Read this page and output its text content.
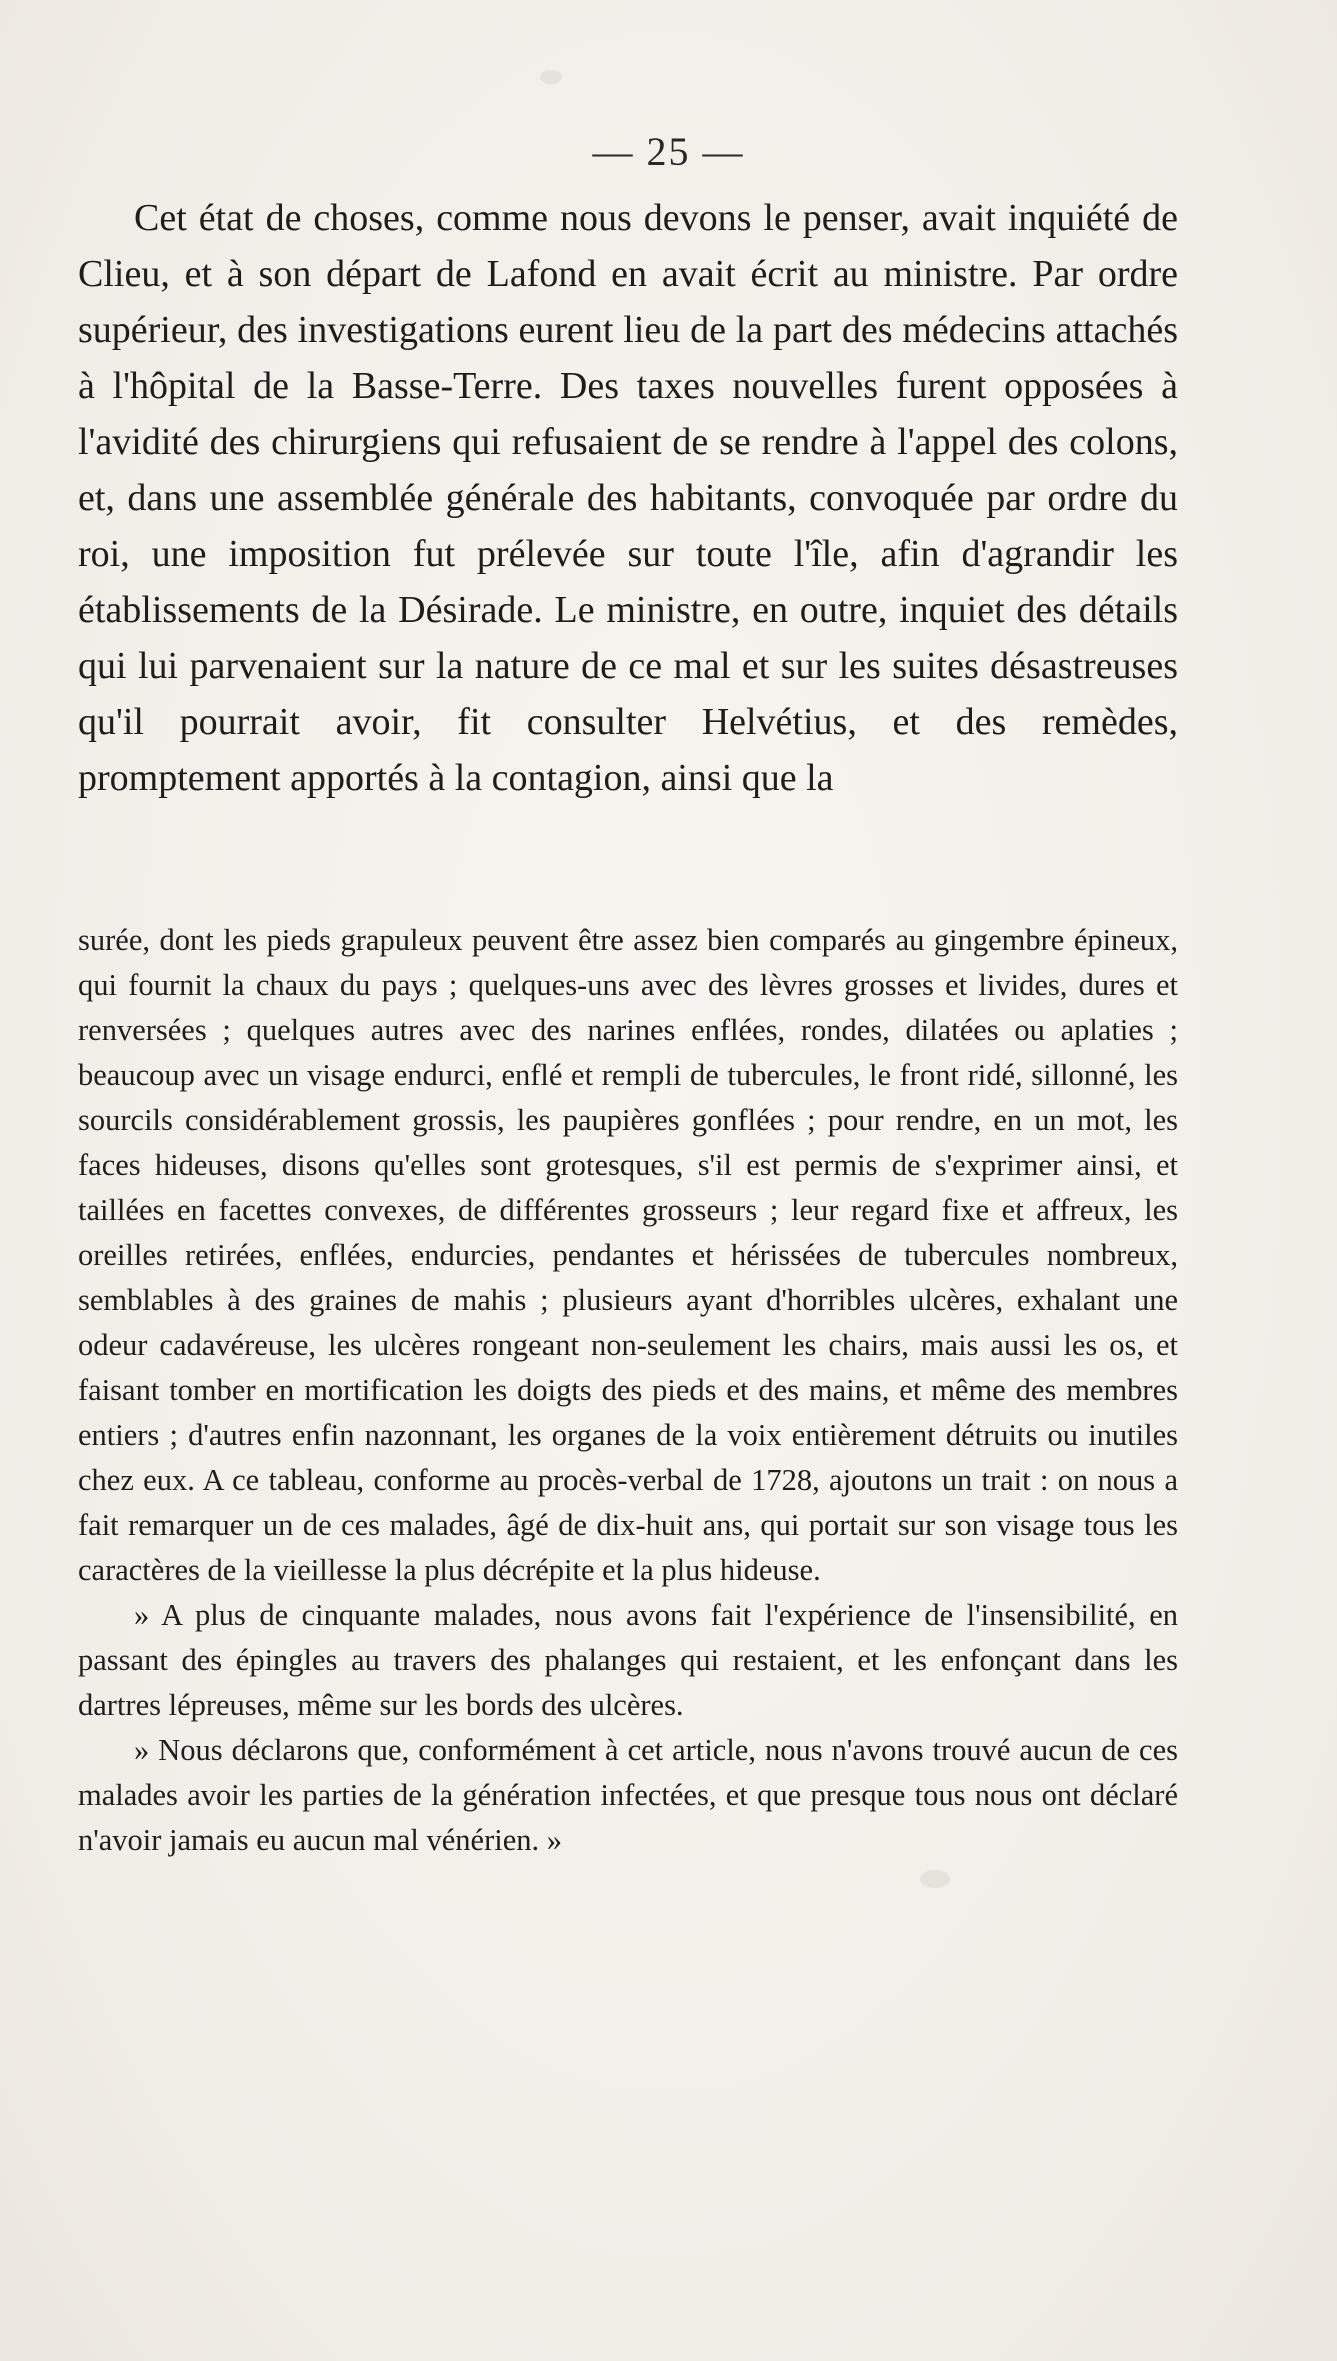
— 25 —

Cet état de choses, comme nous devons le penser, avait inquiété de Clieu, et à son départ de Lafond en avait écrit au ministre. Par ordre supérieur, des investigations eurent lieu de la part des médecins attachés à l'hôpital de la Basse-Terre. Des taxes nouvelles furent opposées à l'avidité des chirurgiens qui refusaient de se rendre à l'appel des colons, et, dans une assemblée générale des habitants, convoquée par ordre du roi, une imposition fut prélevée sur toute l'île, afin d'agrandir les établissements de la Désirade. Le ministre, en outre, inquiet des détails qui lui parvenaient sur la nature de ce mal et sur les suites désastreuses qu'il pourrait avoir, fit consulter Helvétius, et des remèdes, promptement apportés à la contagion, ainsi que la

surée, dont les pieds grapuleux peuvent être assez bien comparés au gingembre épineux, qui fournit la chaux du pays ; quelques-uns avec des lèvres grosses et livides, dures et renversées ; quelques autres avec des narines enflées, rondes, dilatées ou aplaties ; beaucoup avec un visage endurci, enflé et rempli de tubercules, le front ridé, sillonné, les sourcils considérablement grossis, les paupières gonflées ; pour rendre, en un mot, les faces hideuses, disons qu'elles sont grotesques, s'il est permis de s'exprimer ainsi, et taillées en facettes convexes, de différentes grosseurs ; leur regard fixe et affreux, les oreilles retirées, enflées, endurcies, pendantes et hérissées de tubercules nombreux, semblables à des graines de mahis ; plusieurs ayant d'horribles ulcères, exhalant une odeur cadavéreuse, les ulcères rongeant non-seulement les chairs, mais aussi les os, et faisant tomber en mortification les doigts des pieds et des mains, et même des membres entiers ; d'autres enfin nazonnant, les organes de la voix entièrement détruits ou inutiles chez eux. A ce tableau, conforme au procès-verbal de 1728, ajoutons un trait : on nous a fait remarquer un de ces malades, âgé de dix-huit ans, qui portait sur son visage tous les caractères de la vieillesse la plus décrépite et la plus hideuse.

» A plus de cinquante malades, nous avons fait l'expérience de l'insensibilité, en passant des épingles au travers des phalanges qui restaient, et les enfonçant dans les dartres lépreuses, même sur les bords des ulcères.

» Nous déclarons que, conformément à cet article, nous n'avons trouvé aucun de ces malades avoir les parties de la génération infectées, et que presque tous nous ont déclaré n'avoir jamais eu aucun mal vénérien. »
